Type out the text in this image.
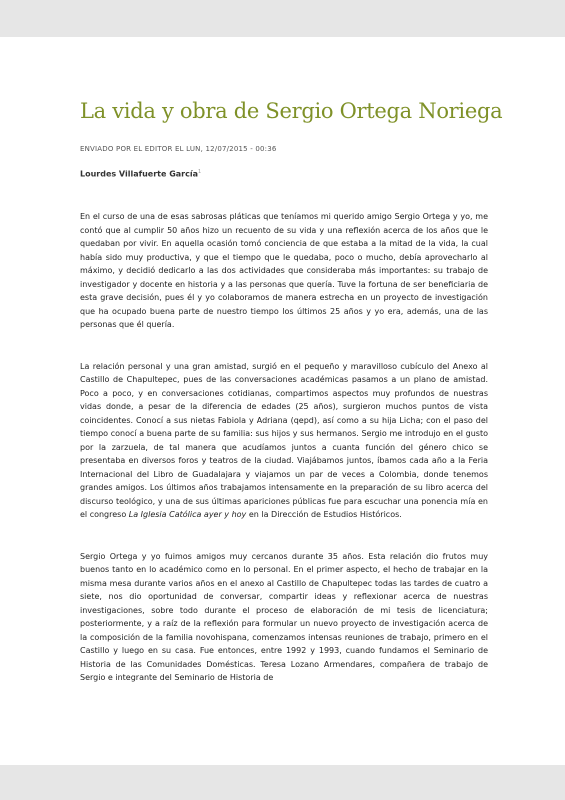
La vida y obra de Sergio Ortega Noriega
ENVIADO POR EL EDITOR EL LUN, 12/07/2015 - 00:36
Lourdes Villafuerte García$^1$

En el curso de una de esas sabrosas pláticas que teníamos mi querido amigo Sergio Ortega y yo, me contó que al cumplir 50 años hizo un recuento de su vida y una reflexión acerca de los años que le quedaban por vivir. En aquella ocasión tomó conciencia de que estaba a la mitad de la vida, la cual había sido muy productiva, y que el tiempo que le quedaba, poco o mucho, debía aprovecharlo al máximo, y decidió dedicarlo a las dos actividades que consideraba más importantes: su trabajo de investigador y docente en historia y a las personas que quería. Tuve la fortuna de ser beneficiaria de esta grave decisión, pues él y yo colaboramos de manera estrecha en un proyecto de investigación que ha ocupado buena parte de nuestro tiempo los últimos 25 años y yo era, además, una de las personas que él quería.

La relación personal y una gran amistad, surgió en el pequeño y maravilloso cubículo del Anexo al Castillo de Chapultepec, pues de las conversaciones académicas pasamos a un plano de amistad. Poco a poco, y en conversaciones cotidianas, compartimos aspectos muy profundos de nuestras vidas donde, a pesar de la diferencia de edades (25 años), surgieron muchos puntos de vista coincidentes. Conocí a sus nietas Fabiola y Adriana (qepd), así como a su hija Licha; con el paso del tiempo conocí a buena parte de su familia: sus hijos y sus hermanos. Sergio me introdujo en el gusto por la zarzuela, de tal manera que acudíamos juntos a cuanta función del género chico se presentaba en diversos foros y teatros de la ciudad. Viajábamos juntos, íbamos cada año a la Feria Internacional del Libro de Guadalajara y viajamos un par de veces a Colombia, donde tenemos grandes amigos. Los últimos años trabajamos intensamente en la preparación de su libro acerca del discurso teológico, y una de sus últimas apariciones públicas fue para escuchar una ponencia mía en el congreso La Iglesia Católica ayer y hoy en la Dirección de Estudios Históricos.

Sergio Ortega y yo fuimos amigos muy cercanos durante 35 años. Esta relación dio frutos muy buenos tanto en lo académico como en lo personal. En el primer aspecto, el hecho de trabajar en la misma mesa durante varios años en el anexo al Castillo de Chapultepec todas las tardes de cuatro a siete, nos dio oportunidad de conversar, compartir ideas y reflexionar acerca de nuestras investigaciones, sobre todo durante el proceso de elaboración de mi tesis de licenciatura; posteriormente, y a raíz de la reflexión para formular un nuevo proyecto de investigación acerca de la composición de la familia novohispana, comenzamos intensas reuniones de trabajo, primero en el Castillo y luego en su casa. Fue entonces, entre 1992 y 1993, cuando fundamos el Seminario de Historia de las Comunidades Domésticas. Teresa Lozano Armendares, compañera de trabajo de Sergio e integrante del Seminario de Historia de
